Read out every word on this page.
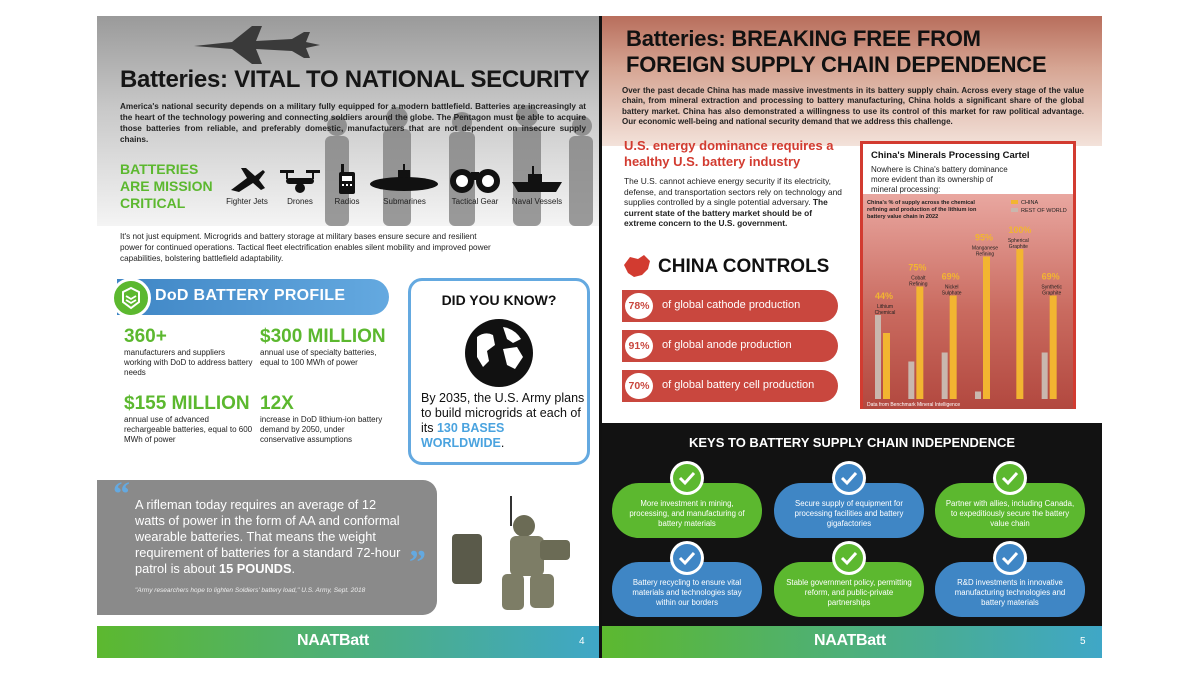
Batteries: VITAL TO NATIONAL SECURITY
America's national security depends on a military fully equipped for a modern battlefield. Batteries are increasingly at the heart of the technology powering and connecting soldiers around the globe. The Pentagon must be able to acquire those batteries from reliable, and preferably domestic, manufacturers that are not dependent on insecure supply chains.
BATTERIES ARE MISSION CRITICAL	Fighter Jets	Drones	Radios	Submarines	Tactical Gear	Naval Vessels
It's not just equipment. Microgrids and battery storage at military bases ensure secure and resilient power for continued operations. Tactical fleet electrification enables silent mobility and improved power capabilities, bolstering battlefield adaptability.
DoD BATTERY PROFILE
360+
manufacturers and suppliers working with DoD to address battery needs
$300 MILLION
annual use of specialty batteries, equal to 100 MWh of power
$155 MILLION
annual use of advanced rechargeable batteries, equal to 600 MWh of power
12X
increase in DoD lithium-ion battery demand by 2050, under conservative assumptions
DID YOU KNOW?
By 2035, the U.S. Army plans to build microgrids at each of its 130 BASES WORLDWIDE.
“
”
A rifleman today requires an average of 12 watts of power in the form of AA and conformal wearable batteries. That means the weight requirement of batteries for a standard 72-hour patrol is about 15 POUNDS.
"Army researchers hope to lighten Soldiers' battery load," U.S. Army, Sept. 2018
NAATBatt	4
Batteries: BREAKING FREE FROM
FOREIGN SUPPLY CHAIN DEPENDENCE
Over the past decade China has made massive investments in its battery supply chain. Across every stage of the value chain, from mineral extraction and processing to battery manufacturing, China holds a significant share of the global battery market. China has also demonstrated a willingness to use its control of this market for raw political advantage. Our economic well-being and national security demand that we address this challenge.
U.S. energy dominance requires a healthy U.S. battery industry
The U.S. cannot achieve energy security if its electricity, defense, and transportation sectors rely on technology and supplies controlled by a single potential adversary. The current state of the battery market should be of extreme concern to the U.S. government.
CHINA CONTROLS
78%	of global cathode production
91%	of global anode production
70%	of global battery cell production
China's Minerals Processing Cartel
Nowhere is China's battery dominance more evident than its ownership of mineral processing:
China's % of supply across the chemical refining and production of the lithium ion battery value chain in 2022
CHINA
REST OF WORLD
44%
Lithium
Chemical
75%
Cobalt
Refining
69%
Nickel
Sulphate
95%
Manganese
Refining
100%
Spherical
Graphite
69%
Synthetic
Graphite
Data from Benchmark Mineral Intelligence
KEYS TO BATTERY SUPPLY CHAIN INDEPENDENCE
More investment in mining, processing, and manufacturing of battery materials
Secure supply of equipment for processing facilities and battery gigafactories
Partner with allies, including Canada, to expeditiously secure the battery value chain
Battery recycling to ensure vital materials and technologies stay within our borders
Stable government policy, permitting reform, and public-private partnerships
R&D investments in innovative manufacturing technologies and battery materials
NAATBatt	5
